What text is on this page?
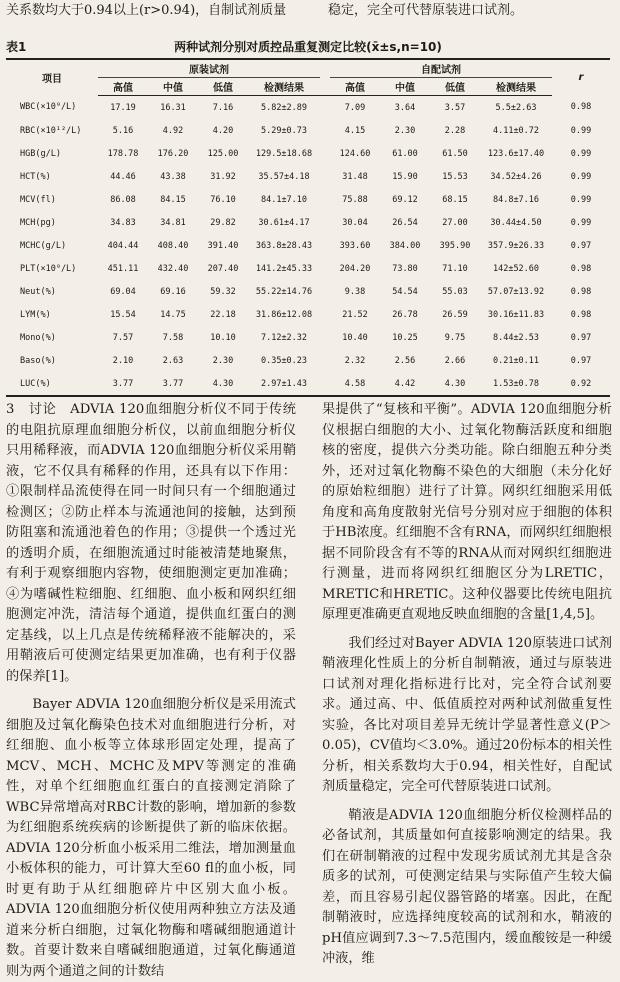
关系数均大于0.94以上(r>0.94)，自制试剂质量	稳定，完全可代替原装进口试剂。
表1	两种试剂分别对质控品重复测定比较(x̄±s,n=10)
项目	原装试剂					自配试剂				r
	高值	中值	低值	检测结果		高值	中值	低值	检测结果	
WBC(×10⁹/L)	17.19	16.31	7.16	5.82±2.89		7.09	3.64	3.57	5.5±2.63	0.98
RBC(×10¹²/L)	5.16	4.92	4.20	5.29±0.73		4.15	2.30	2.28	4.11±0.72	0.99
HGB(g/L)	178.78	176.20	125.00	129.5±18.68		124.60	61.00	61.50	123.6±17.40	0.99
HCT(%)	44.46	43.38	31.92	35.57±4.18		31.48	15.90	15.53	34.52±4.26	0.99
MCV(fl)	86.08	84.15	76.10	84.1±7.10		75.88	69.12	68.15	84.8±7.16	0.99
MCH(pg)	34.83	34.81	29.82	30.61±4.17		30.04	26.54	27.00	30.44±4.50	0.99
MCHC(g/L)	404.44	408.40	391.40	363.8±28.43		393.60	384.00	395.90	357.9±26.33	0.97
PLT(×10⁹/L)	451.11	432.40	207.40	141.2±45.33		204.20	73.80	71.10	142±52.60	0.98
Neut(%)	69.04	69.16	59.32	55.22±14.76		9.38	54.54	55.03	57.07±13.92	0.98
LYM(%)	15.54	14.75	22.18	31.86±12.08		21.52	26.78	26.59	30.16±11.83	0.98
Mono(%)	7.57	7.58	10.10	7.12±2.32		10.40	10.25	9.75	8.44±2.53	0.97
Baso(%)	2.10	2.63	2.30	0.35±0.23		2.32	2.56	2.66	0.21±0.11	0.97
LUC(%)	3.77	3.77	4.30	2.97±1.43		4.58	4.42	4.30	1.53±0.78	0.92

3　讨论　ADVIA 120血细胞分析仪不同于传统的电阻抗原理血细胞分析仪，以前血细胞分析仪只用稀释液，而ADVIA 120血细胞分析仪采用鞘液，它不仅具有稀释的作用，还具有以下作用：①限制样品流使得在同一时间只有一个细胞通过检测区；②防止样本与流通池间的接触，达到预防阻塞和流通池着色的作用；③提供一个透过光的透明介质，在细胞流通过时能被清楚地聚焦，有利于观察细胞内容物，使细胞测定更加准确；④为嗜碱性粒细胞、红细胞、血小板和网织红细胞测定冲洗，清洁每个通道，提供血红蛋白的测定基线，以上几点是传统稀释液不能解决的，采用鞘液后可使测定结果更加准确，也有利于仪器的保养[1]。

Bayer ADVIA 120血细胞分析仪是采用流式细胞及过氧化酶染色技术对血细胞进行分析，对红细胞、血小板等立体球形固定处理，提高了MCV、MCH、MCHC及MPV等测定的准确性，对单个红细胞血红蛋白的直接测定消除了WBC异常增高对RBC计数的影响，增加新的参数为红细胞系统疾病的诊断提供了新的临床依据。ADVIA 120分析血小板采用二维法，增加测量血小板体积的能力，可计算大至60 fl的血小板，同时更有助于从红细胞碎片中区别大血小板。ADVIA 120血细胞分析仪使用两种独立方法及通道来分析白细胞，过氧化物酶和嗜碱细胞通道计数。首要计数来自嗜碱细胞通道，过氧化酶通道则为两个通道之间的计数结

果提供了“复核和平衡”。ADVIA 120血细胞分析仪根据白细胞的大小、过氧化物酶活跃度和细胞核的密度，提供六分类功能。除白细胞五种分类外，还对过氧化物酶不染色的大细胞（未分化好的原始粒细胞）进行了计算。网织红细胞采用低角度和高角度散射光信号分别对应于细胞的体积于HB浓度。红细胞不含有RNA，而网织红细胞根据不同阶段含有不等的RNA从而对网织红细胞进行测量，进而将网织红细胞区分为LRETIC，MRETIC和HRETIC。这种仪器要比传统电阻抗原理更准确更直观地反映血细胞的含量[1,4,5]。

我们经过对Bayer ADVIA 120原装进口试剂鞘液理化性质上的分析自制鞘液，通过与原装进口试剂对理化指标进行比对，完全符合试剂要求。通过高、中、低值质控对两种试剂做重复性实验，各比对项目差异无统计学显著性意义(P＞0.05)，CV值均＜3.0%。通过20份标本的相关性分析，相关系数均大于0.94，相关性好，自配试剂质量稳定，完全可代替原装进口试剂。

鞘液是ADVIA 120血细胞分析仪检测样品的必备试剂，其质量如何直接影响测定的结果。我们在研制鞘液的过程中发现劣质试剂尤其是含杂质多的试剂，可使测定结果与实际值产生较大偏差，而且容易引起仪器管路的堵塞。因此，在配制鞘液时，应选择纯度较高的试剂和水，鞘液的pH值应调到7.3～7.5范围内，缓血酸铵是一种缓冲液，维
